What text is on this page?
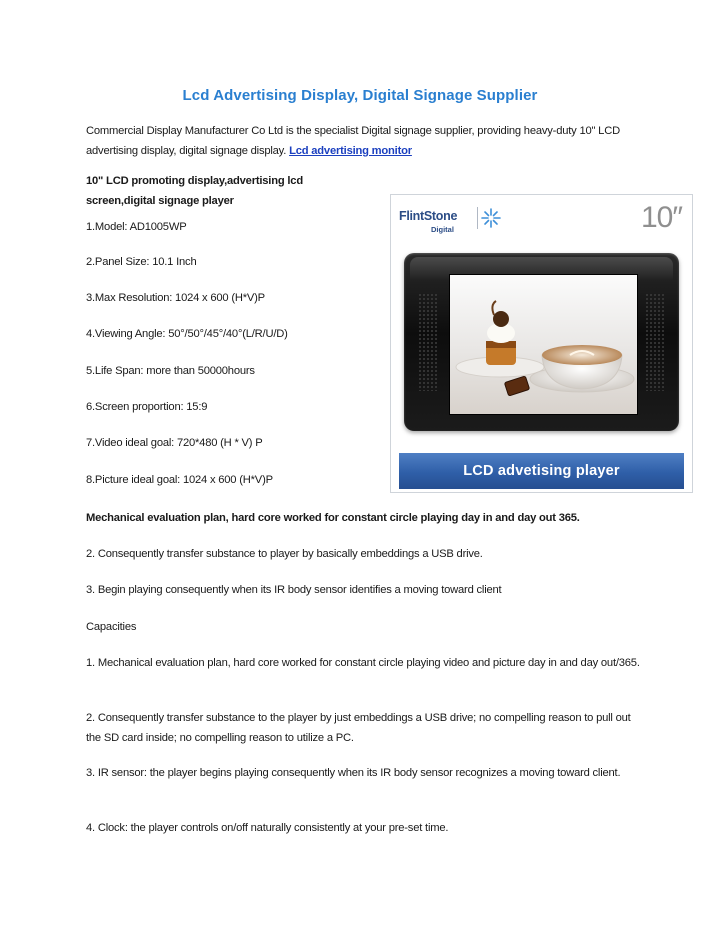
Lcd Advertising Display, Digital Signage Supplier
Commercial Display Manufacturer Co Ltd is the specialist Digital signage supplier, providing heavy-duty 10" LCD advertising display, digital signage display. Lcd advertising monitor
10" LCD promoting display,advertising lcd screen,digital signage player
1.Model: AD1005WP
2.Panel Size: 10.1 Inch
3.Max Resolution: 1024 x 600 (H*V)P
4.Viewing Angle: 50°/50°/45°/40°(L/R/U/D)
5.Life Span: more than 50000hours
6.Screen proportion: 15:9
7.Video ideal goal: 720*480 (H * V) P
8.Picture ideal goal: 1024 x 600 (H*V)P
FlintStone
Digital	10″
LCD advetising player
Mechanical evaluation plan, hard core worked for constant circle playing day in and day out 365.
2. Consequently transfer substance to player by basically embeddings a USB drive.
3. Begin playing consequently when its IR body sensor identifies a moving toward client
Capacities
1. Mechanical evaluation plan, hard core worked for constant circle playing video and picture day in and day out/365.
2. Consequently transfer substance to the player by just embeddings a USB drive; no compelling reason to pull out the SD card inside; no compelling reason to utilize a PC.
3. IR sensor: the player begins playing consequently when its IR body sensor recognizes a moving toward client.
4. Clock: the player controls on/off naturally consistently at your pre-set time.
